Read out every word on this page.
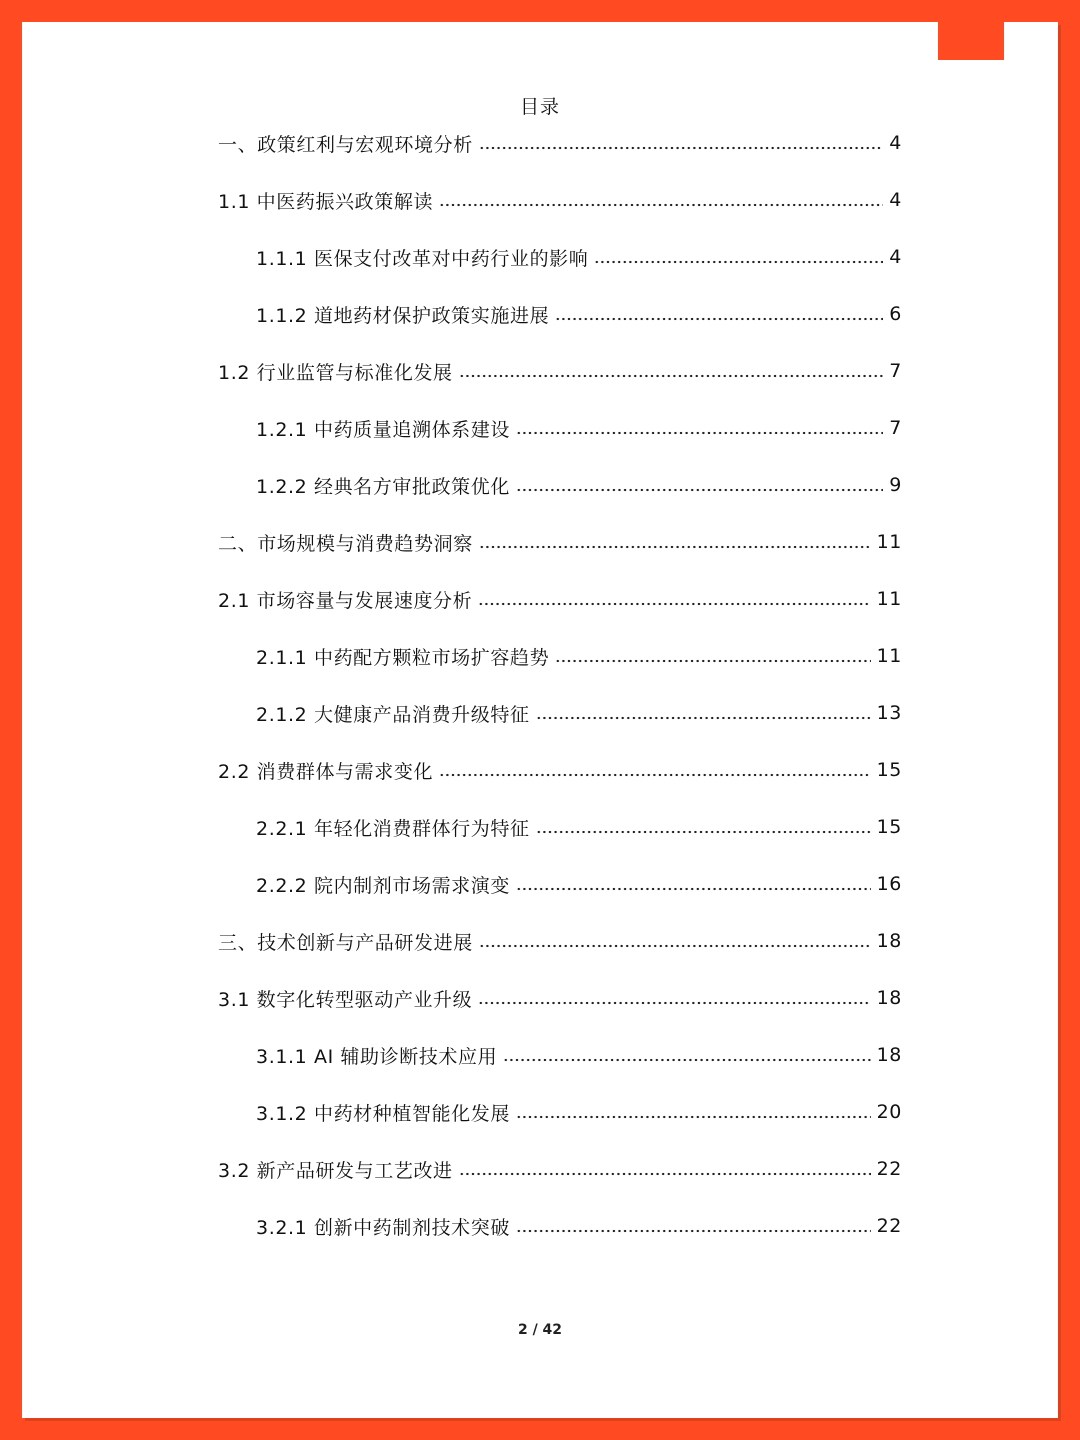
目录
一、政策红利与宏观环境分析	4
1.1 中医药振兴政策解读	4
1.1.1 医保支付改革对中药行业的影响	4
1.1.2 道地药材保护政策实施进展	6
1.2 行业监管与标准化发展	7
1.2.1 中药质量追溯体系建设	7
1.2.2 经典名方审批政策优化	9
二、市场规模与消费趋势洞察	11
2.1 市场容量与发展速度分析	11
2.1.1 中药配方颗粒市场扩容趋势	11
2.1.2 大健康产品消费升级特征	13
2.2 消费群体与需求变化	15
2.2.1 年轻化消费群体行为特征	15
2.2.2 院内制剂市场需求演变	16
三、技术创新与产品研发进展	18
3.1 数字化转型驱动产业升级	18
3.1.1 AI 辅助诊断技术应用	18
3.1.2 中药材种植智能化发展	20
3.2 新产品研发与工艺改进	22
3.2.1 创新中药制剂技术突破	22
2 / 42
